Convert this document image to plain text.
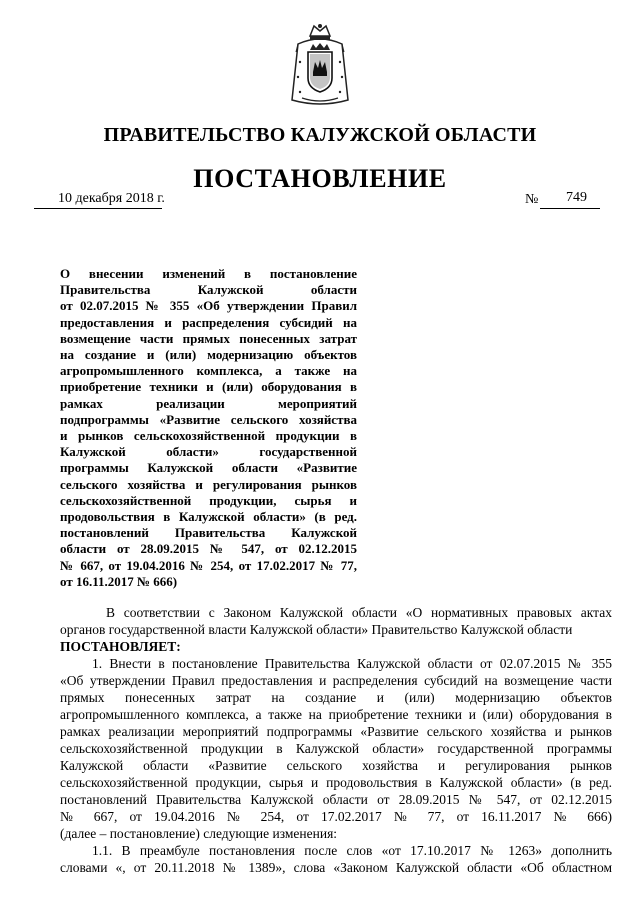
ПРАВИТЕЛЬСТВО КАЛУЖСКОЙ ОБЛАСТИ
ПОСТАНОВЛЕНИЕ
10 декабря 2018 г.	№ 749
О внесении изменений в постановление
Правительства Калужской области
от 02.07.2015 № 355 «Об утверждении Правил
предоставления и распределения субсидий на
возмещение части прямых понесенных затрат
на создание и (или) модернизацию объектов
агропромышленного комплекса, а также на
приобретение техники и (или) оборудования в
рамках реализации мероприятий
подпрограммы «Развитие сельского хозяйства
и рынков сельскохозяйственной продукции в
Калужской области» государственной
программы Калужской области «Развитие
сельского хозяйства и регулирования рынков
сельскохозяйственной продукции, сырья и
продовольствия в Калужской области» (в ред.
постановлений Правительства Калужской
области от 28.09.2015 № 547, от 02.12.2015
№ 667, от 19.04.2016 № 254, от 17.02.2017 № 77,
от 16.11.2017 № 666)
В соответствии с Законом Калужской области «О нормативных правовых актах
органов государственной власти Калужской области» Правительство Калужской области
ПОСТАНОВЛЯЕТ:
1. Внести в постановление Правительства Калужской области от 02.07.2015 № 355
«Об утверждении Правил предоставления и распределения субсидий на возмещение части
прямых понесенных затрат на создание и (или) модернизацию объектов
агропромышленного комплекса, а также на приобретение техники и (или) оборудования в
рамках реализации мероприятий подпрограммы «Развитие сельского хозяйства и рынков
сельскохозяйственной продукции в Калужской области» государственной программы
Калужской области «Развитие сельского хозяйства и регулирования рынков
сельскохозяйственной продукции, сырья и продовольствия в Калужской области» (в ред.
постановлений Правительства Калужской области от 28.09.2015 № 547, от 02.12.2015
№ 667, от 19.04.2016 № 254, от 17.02.2017 № 77, от 16.11.2017 № 666)
(далее – постановление) следующие изменения:
1.1. В преамбуле постановления после слов «от 17.10.2017 № 1263» дополнить
словами «, от 20.11.2018 № 1389», слова «Законом Калужской области «Об областном
